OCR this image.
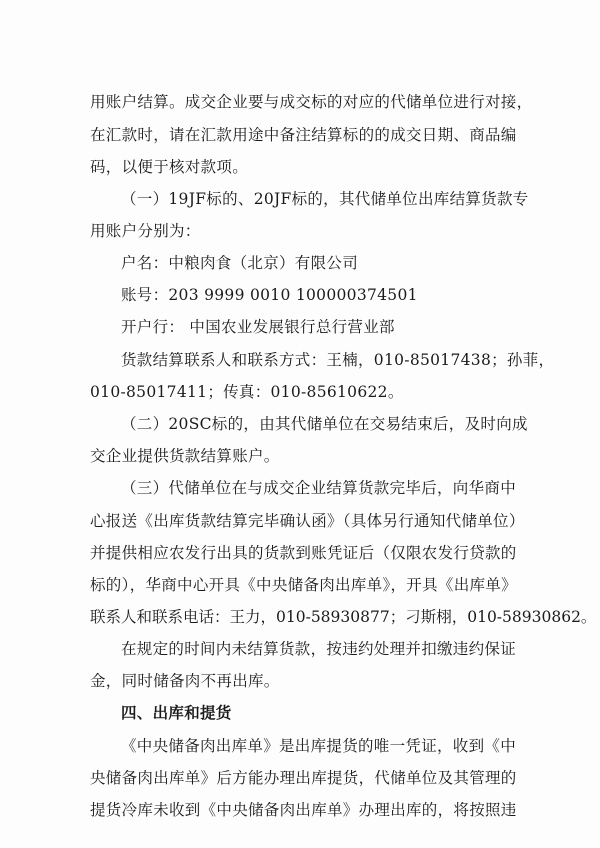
用账户结算。成交企业要与成交标的对应的代储单位进行对接，
在汇款时，请在汇款用途中备注结算标的的成交日期、商品编
码，以便于核对款项。
（一）19JF标的、20JF标的，其代储单位出库结算货款专
用账户分别为：
户名：中粮肉食（北京）有限公司
账号：203 9999 0010 100000374501
开户行： 中国农业发展银行总行营业部
货款结算联系人和联系方式：王楠，010-85017438；孙菲，
010-85017411；传真：010-85610622。
（二）20SC标的，由其代储单位在交易结束后，及时向成
交企业提供货款结算账户。
（三）代储单位在与成交企业结算货款完毕后，向华商中
心报送《出库货款结算完毕确认函》（具体另行通知代储单位）
并提供相应农发行出具的货款到账凭证后（仅限农发行贷款的
标的），华商中心开具《中央储备肉出库单》，开具《出库单》
联系人和联系电话：王力，010-58930877；刁斯栩，010-58930862。
在规定的时间内未结算货款，按违约处理并扣缴违约保证
金，同时储备肉不再出库。
四、出库和提货
《中央储备肉出库单》是出库提货的唯一凭证，收到《中
央储备肉出库单》后方能办理出库提货，代储单位及其管理的
提货冷库未收到《中央储备肉出库单》办理出库的，将按照违
